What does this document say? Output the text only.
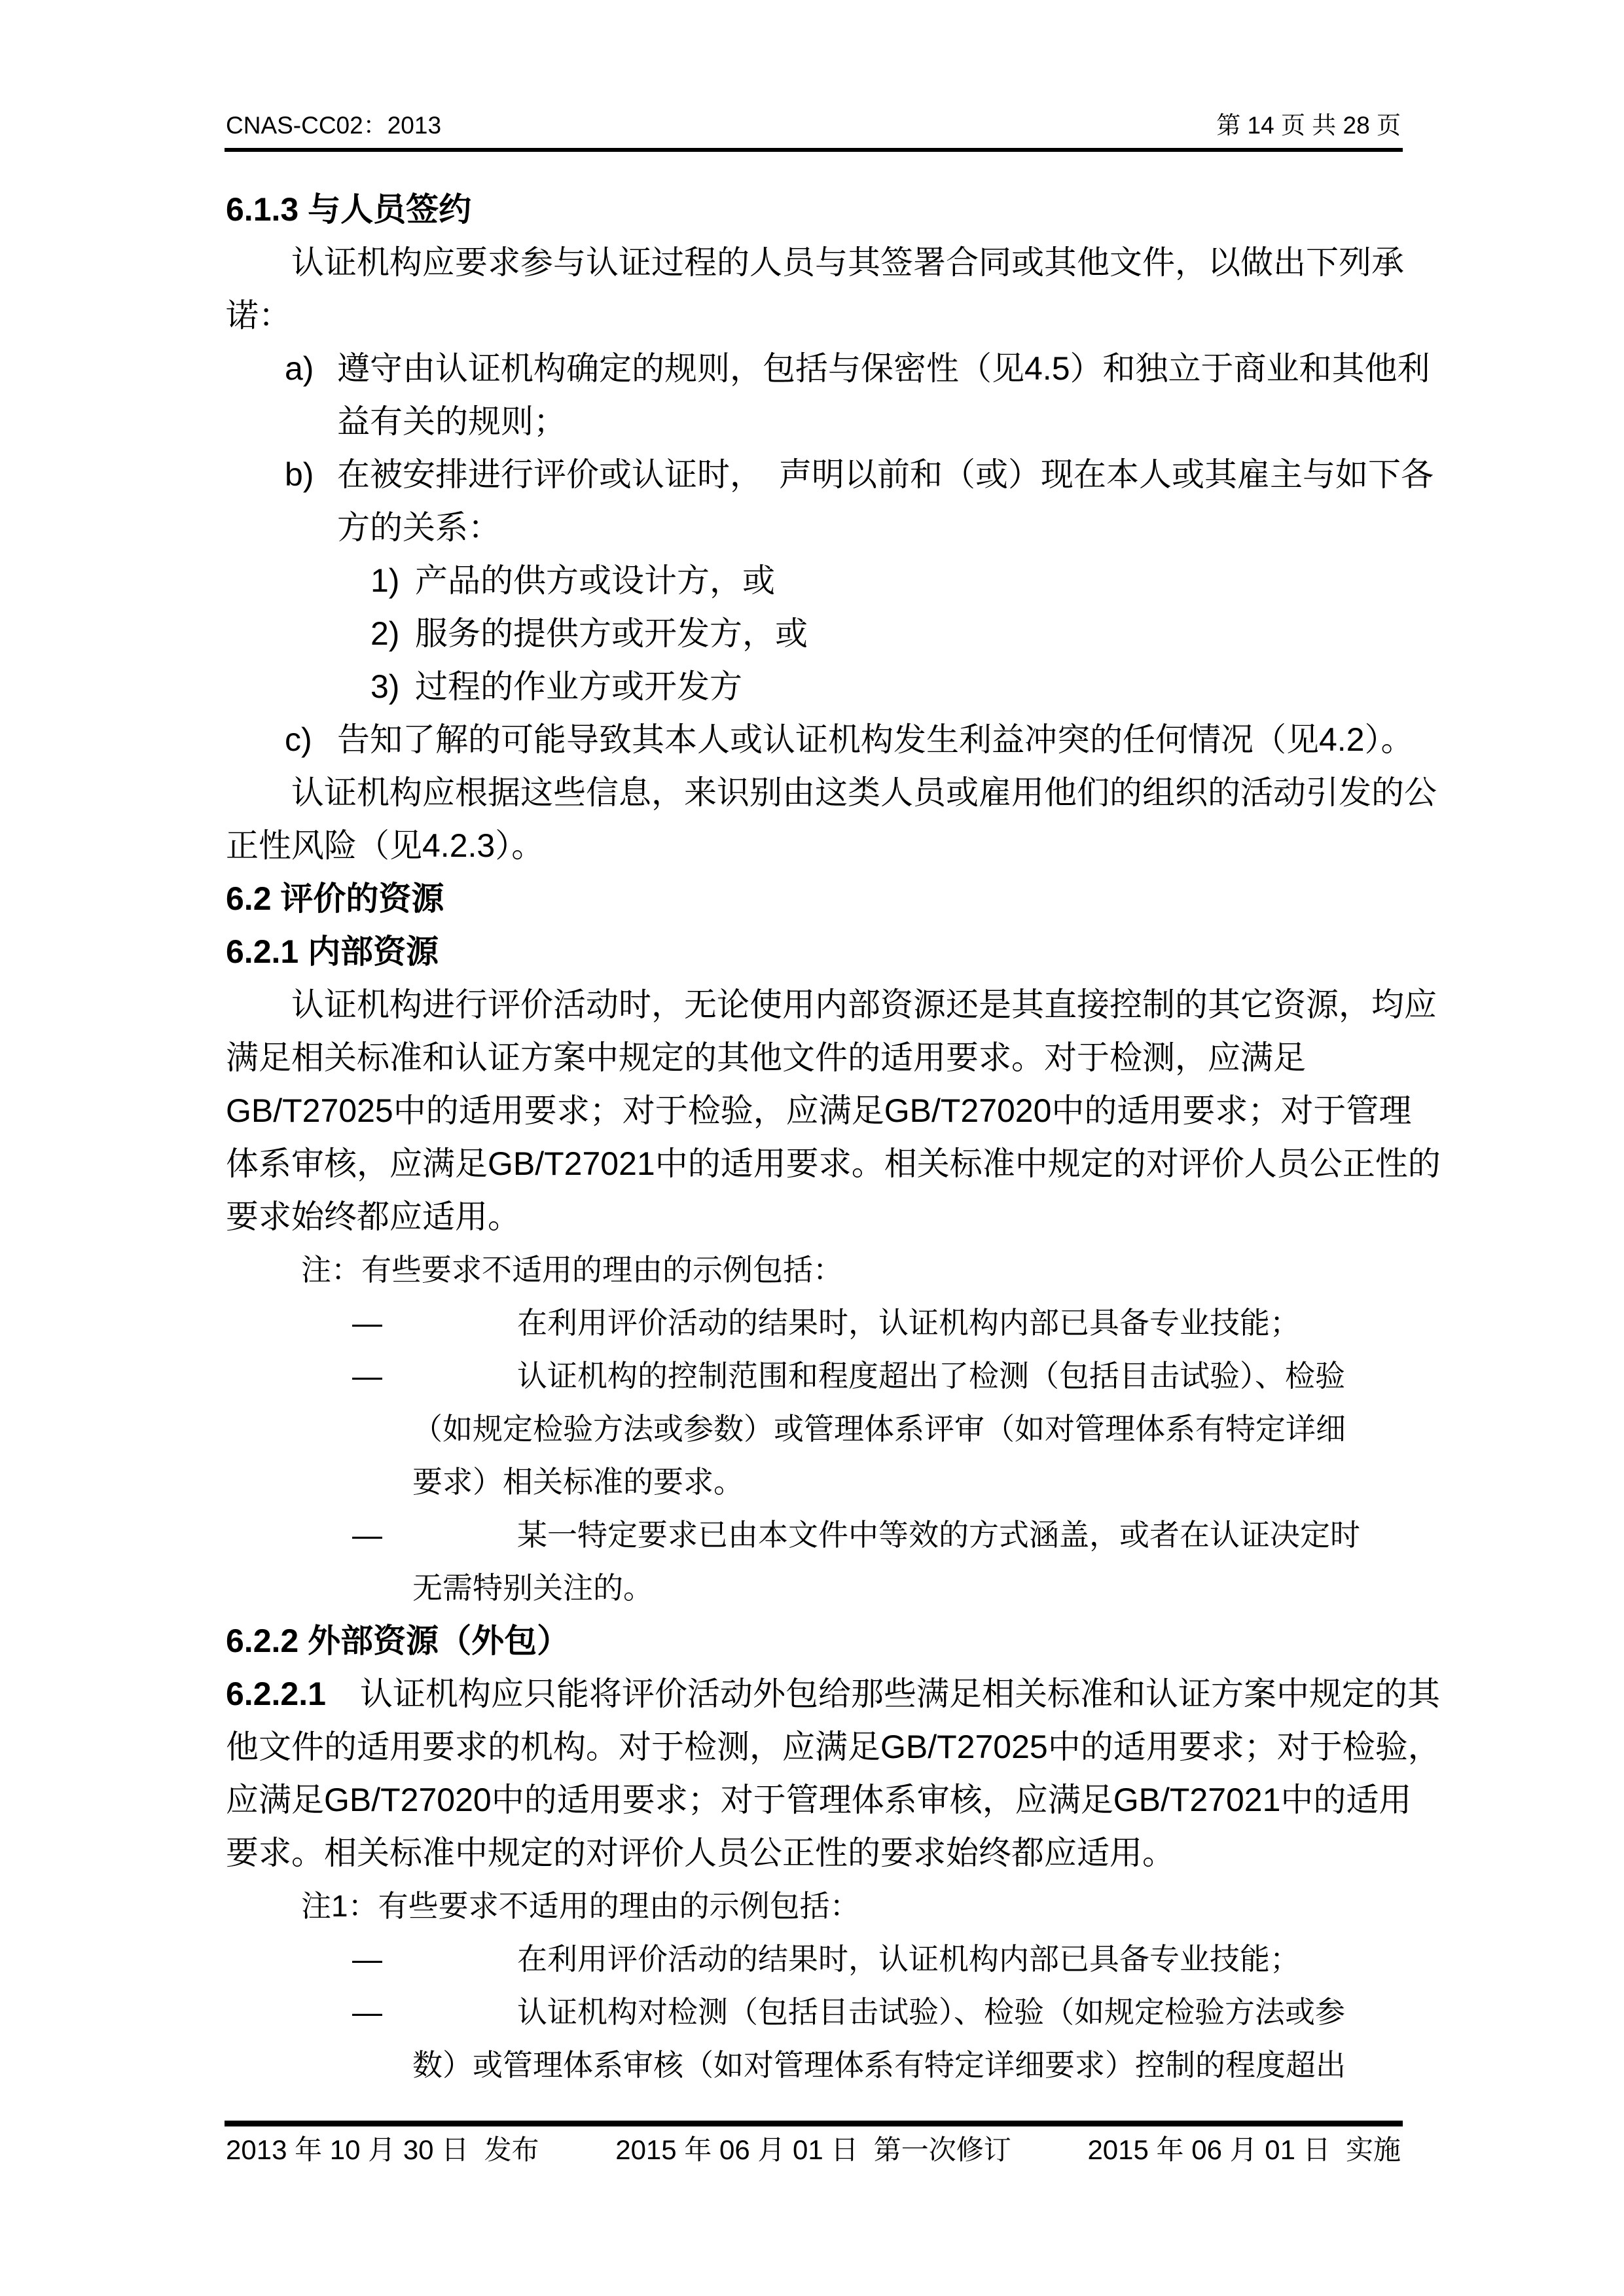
CNAS-CC02：2013	第 14 页 共 28 页
6.1.3 与人员签约
认证机构应要求参与认证过程的人员与其签署合同或其他文件，以做出下列承
诺：
a) 遵守由认证机构确定的规则，包括与保密性（见4.5）和独立于商业和其他利
益有关的规则；
b) 在被安排进行评价或认证时，　声明以前和（或）现在本人或其雇主与如下各
方的关系：
1) 产品的供方或设计方，或
2) 服务的提供方或开发方，或
3) 过程的作业方或开发方
c) 告知了解的可能导致其本人或认证机构发生利益冲突的任何情况（见4.2）。
认证机构应根据这些信息，来识别由这类人员或雇用他们的组织的活动引发的公
正性风险（见4.2.3）。
6.2 评价的资源
6.2.1 内部资源
认证机构进行评价活动时，无论使用内部资源还是其直接控制的其它资源，均应
满足相关标准和认证方案中规定的其他文件的适用要求。对于检测，应满足
GB/T27025中的适用要求；对于检验，应满足GB/T27020中的适用要求；对于管理
体系审核，应满足GB/T27021中的适用要求。相关标准中规定的对评价人员公正性的
要求始终都应适用。
注：有些要求不适用的理由的示例包括：
—	在利用评价活动的结果时，认证机构内部已具备专业技能；
—	认证机构的控制范围和程度超出了检测（包括目击试验）、检验
（如规定检验方法或参数）或管理体系评审（如对管理体系有特定详细
要求）相关标准的要求。
—	某一特定要求已由本文件中等效的方式涵盖，或者在认证决定时
无需特别关注的。
6.2.2 外部资源（外包）
6.2.2.1 认证机构应只能将评价活动外包给那些满足相关标准和认证方案中规定的其
他文件的适用要求的机构。对于检测，应满足GB/T27025中的适用要求；对于检验，
应满足GB/T27020中的适用要求；对于管理体系审核，应满足GB/T27021中的适用
要求。相关标准中规定的对评价人员公正性的要求始终都应适用。
注1：有些要求不适用的理由的示例包括：
—	在利用评价活动的结果时，认证机构内部已具备专业技能；
—	认证机构对检测（包括目击试验）、检验（如规定检验方法或参
数）或管理体系审核（如对管理体系有特定详细要求）控制的程度超出
2013 年 10 月 30 日  发布	2015 年 06 月 01 日  第一次修订	2015 年 06 月 01 日  实施
